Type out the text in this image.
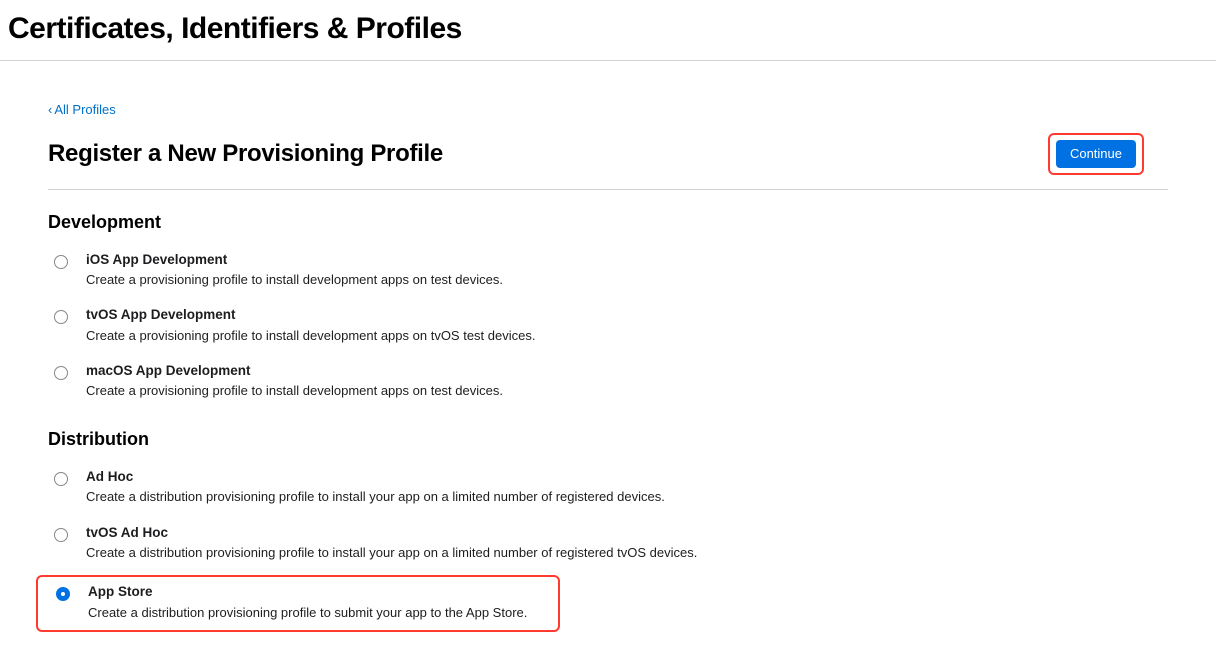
Certificates, Identifiers & Profiles
‹ All Profiles
Register a New Provisioning Profile	Continue
Development
iOS App Development
Create a provisioning profile to install development apps on test devices.
tvOS App Development
Create a provisioning profile to install development apps on tvOS test devices.
macOS App Development
Create a provisioning profile to install development apps on test devices.
Distribution
Ad Hoc
Create a distribution provisioning profile to install your app on a limited number of registered devices.
tvOS Ad Hoc
Create a distribution provisioning profile to install your app on a limited number of registered tvOS devices.
App Store
Create a distribution provisioning profile to submit your app to the App Store.
